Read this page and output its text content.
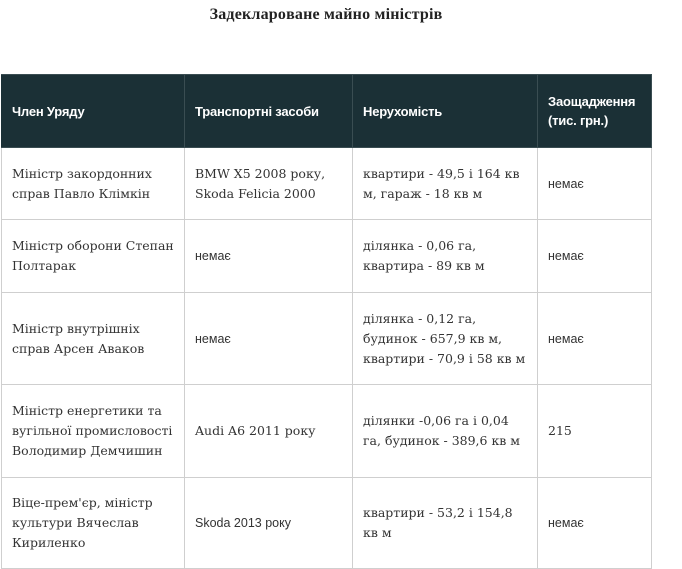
Задекларoване майно міністрів
Член Уряду	Транспортні засоби	Нерухомість	Заощадження (тис. грн.)
Міністр закордонних справ Павло Клімкін	BMW X5 2008 року, Skoda Felicia 2000	квартири - 49,5 і 164 кв м, гараж - 18 кв м	немає
Міністр оборони Степан Полтарак	немає	ділянка - 0,06 га, квартира - 89 кв м	немає
Міністр внутрішніх справ Арсен Аваков	немає	ділянка - 0,12 га, будинок - 657,9 кв м, квартири - 70,9 і 58 кв м	немає
Міністр енергетики та вугільної промисловості Володимир Демчишин	Audi A6 2011 року	ділянки -0,06 га і 0,04 га, будинок - 389,6 кв м	215
Віце-прем'єр, міністр культури Вячеслав Кириленко	Skoda 2013 року	квартири - 53,2 і 154,8 кв м	немає
